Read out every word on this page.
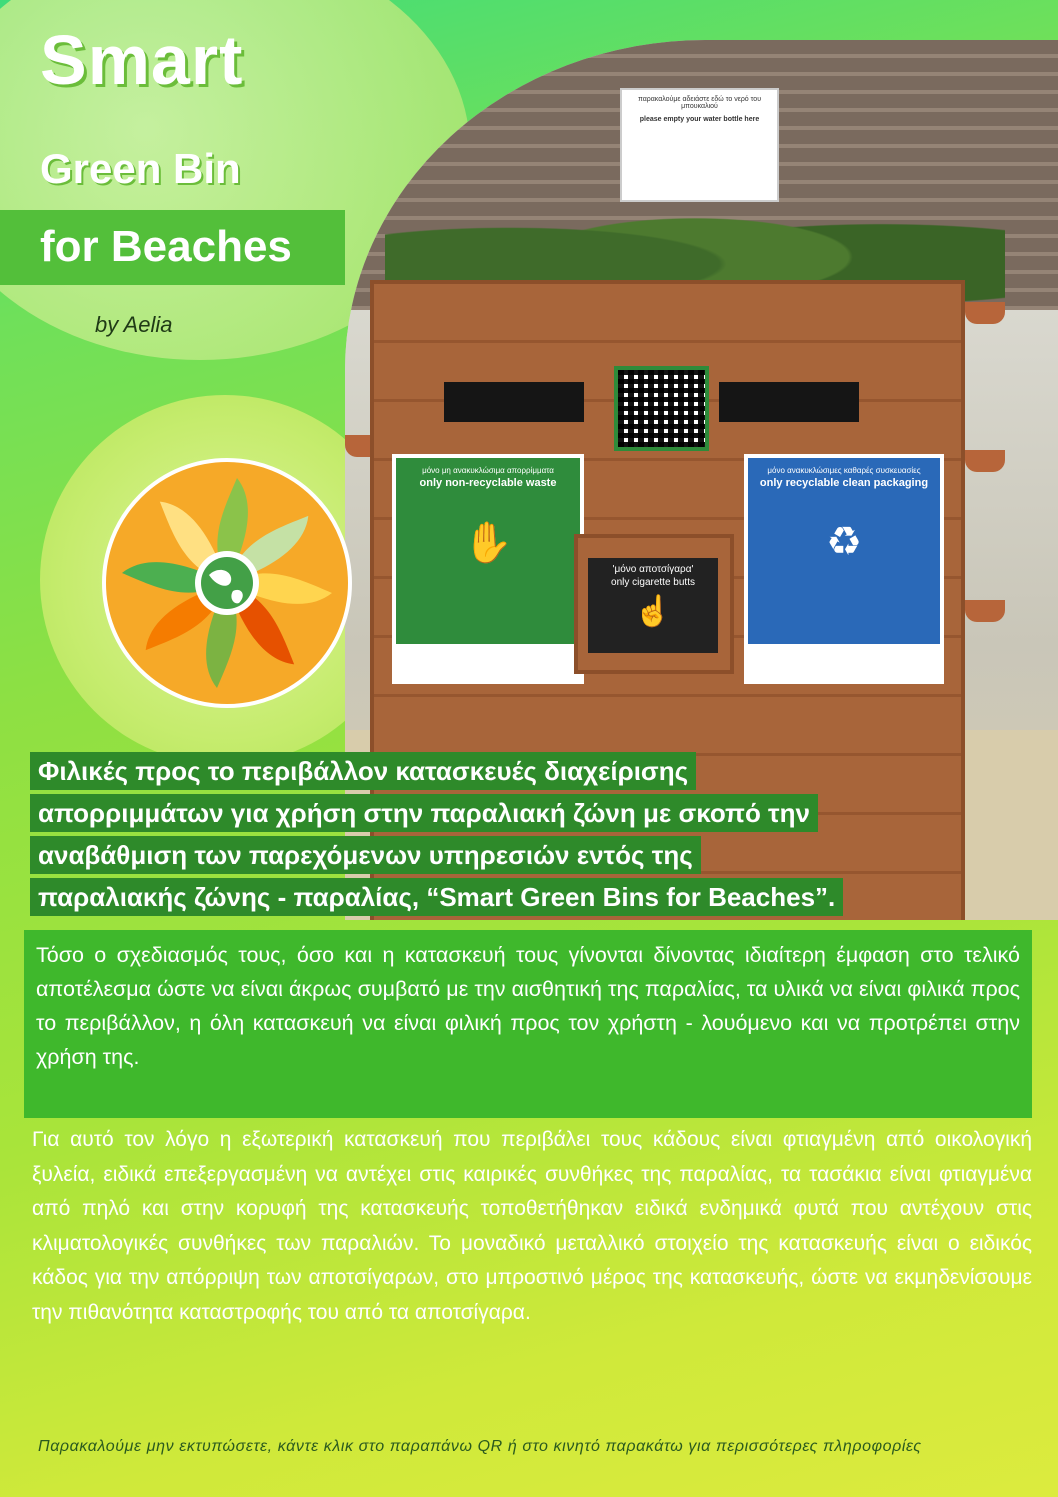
παρακαλούμε αδειάστε εδώ το νερό του μπουκαλιού
please empty your water bottle here
μόνο μη ανακυκλώσιμα απορρίμματα
only non-recyclable waste
✋
μόνο ανακυκλώσιμες καθαρές συσκευασίες
only recyclable clean packaging
♻
'μόνο αποτσίγαρα'
only cigarette butts
☝
Smart
Green Bin
for Beaches
by Aelia
Φιλικές προς το περιβάλλον κατασκευές διαχείρισης
απορριμμάτων για χρήση στην παραλιακή ζώνη με σκοπό την
αναβάθμιση των παρεχόμενων υπηρεσιών εντός της
παραλιακής ζώνης - παραλίας, “Smart Green Bins for Beaches”.
Τόσο ο σχεδιασμός τους, όσο και η κατασκευή τους γίνονται δίνοντας ιδιαίτερη έμφαση στο τελικό αποτέλεσμα ώστε να είναι άκρως συμβατό με την αισθητική της παραλίας, τα υλικά να είναι φιλικά προς το περιβάλλον, η όλη κατασκευή να είναι φιλική προς τον χρήστη - λουόμενο και να προτρέπει στην χρήση της.
Για αυτό τον λόγο η εξωτερική κατασκευή που περιβάλει τους κάδους είναι φτιαγμένη από οικολογική ξυλεία, ειδικά επεξεργασμένη να αντέχει στις καιρικές συνθήκες της παραλίας, τα τασάκια είναι φτιαγμένα από πηλό και στην κορυφή της κατασκευής τοποθετήθηκαν ειδικά ενδημικά φυτά που αντέχουν στις κλιματολογικές συνθήκες των παραλιών. Το μοναδικό μεταλλικό στοιχείο της κατασκευής είναι ο ειδικός κάδος για την απόρριψη των αποτσίγαρων, στο μπροστινό μέρος της κατασκευής, ώστε να εκμηδενίσουμε την πιθανότητα καταστροφής του από τα αποτσίγαρα.
Παρακαλούμε μην εκτυπώσετε, κάντε κλικ στο παραπάνω QR ή στο κινητό παρακάτω για περισσότερες πληροφορίες
